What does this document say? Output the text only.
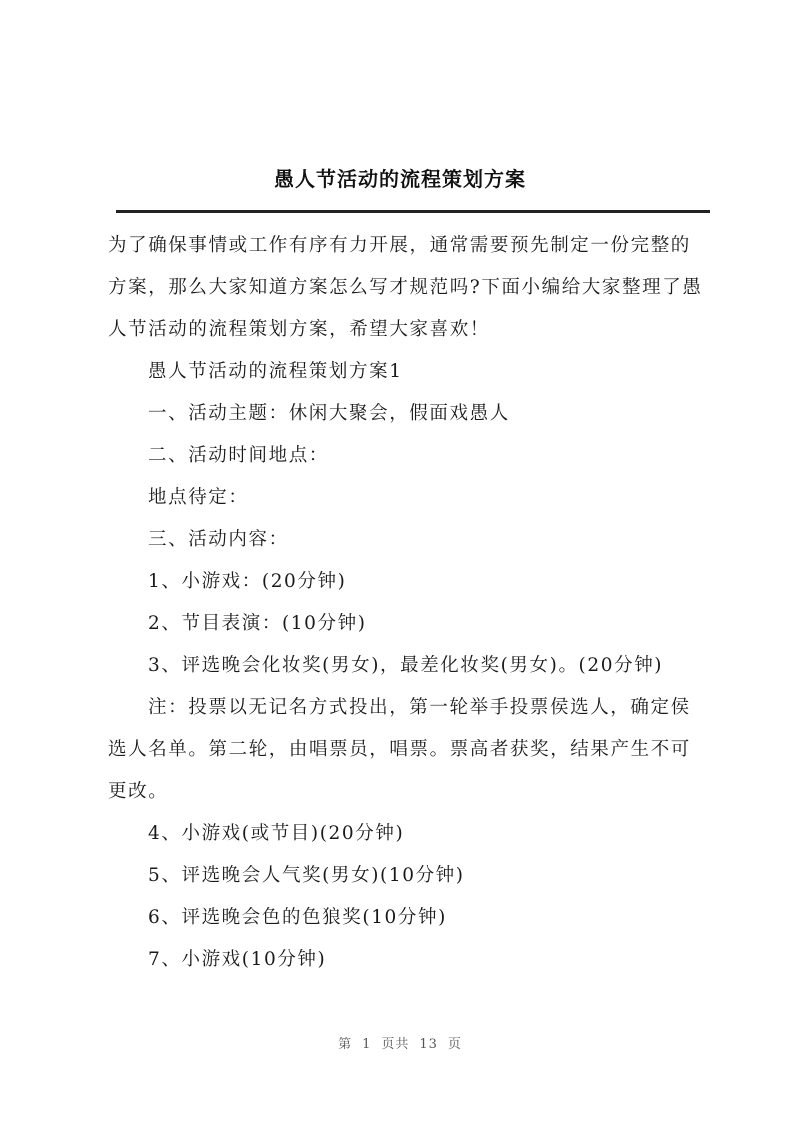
愚人节活动的流程策划方案

为了确保事情或工作有序有力开展，通常需要预先制定一份完整的方案，那么大家知道方案怎么写才规范吗?下面小编给大家整理了愚人节活动的流程策划方案，希望大家喜欢！

愚人节活动的流程策划方案1

一、活动主题：休闲大聚会，假面戏愚人

二、活动时间地点：

地点待定：

三、活动内容：

1、小游戏：(20分钟)

2、节目表演：(10分钟)

3、评选晚会化妆奖(男女)，最差化妆奖(男女)。(20分钟)

注：投票以无记名方式投出，第一轮举手投票侯选人，确定侯选人名单。第二轮，由唱票员，唱票。票高者获奖，结果产生不可更改。

4、小游戏(或节目)(20分钟)

5、评选晚会人气奖(男女)(10分钟)

6、评选晚会色的色狼奖(10分钟)

7、小游戏(10分钟)

第 1 页共 13 页
